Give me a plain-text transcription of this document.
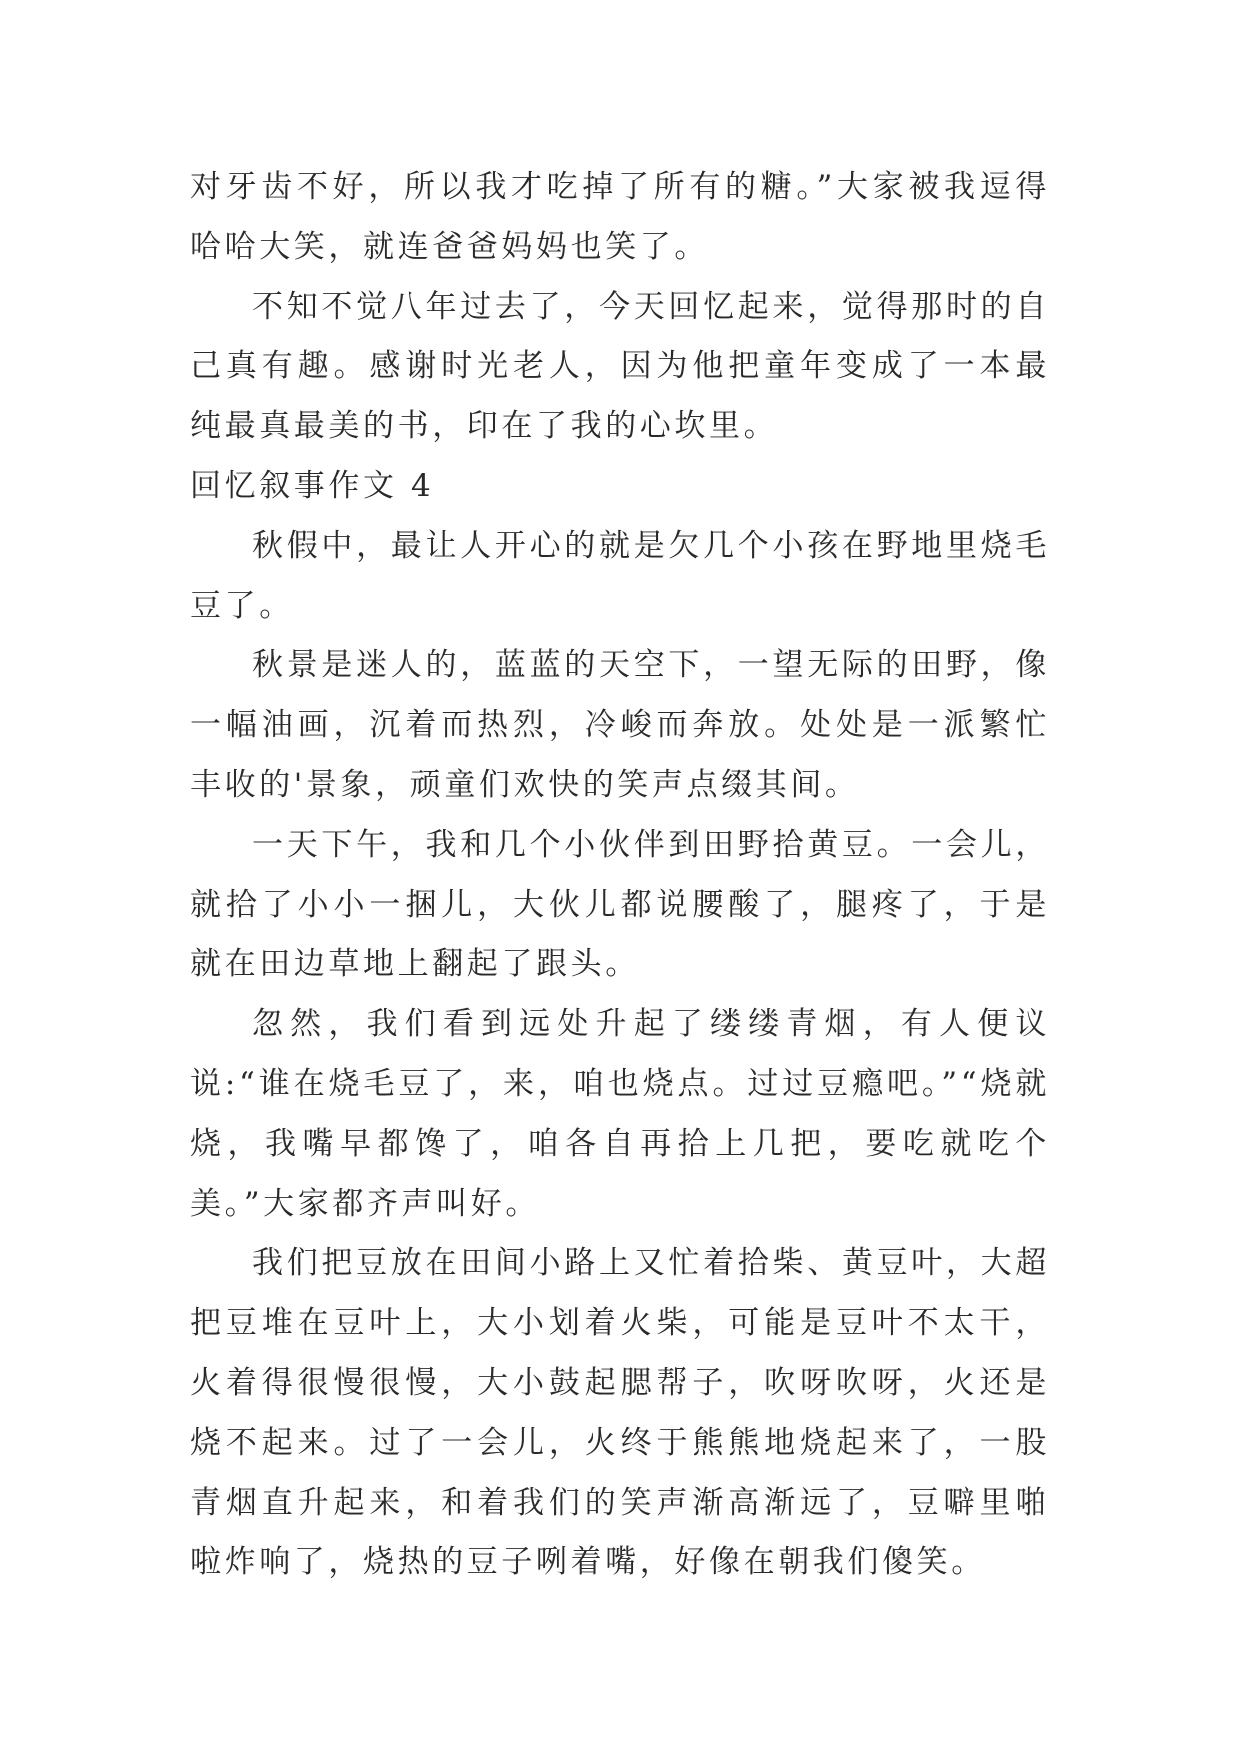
对牙齿不好，所以我才吃掉了所有的糖。”大家被我逗得哈哈大笑，就连爸爸妈妈也笑了。

不知不觉八年过去了，今天回忆起来，觉得那时的自己真有趣。感谢时光老人，因为他把童年变成了一本最纯最真最美的书，印在了我的心坎里。

回忆叙事作文 4

秋假中，最让人开心的就是欠几个小孩在野地里烧毛豆了。

秋景是迷人的，蓝蓝的天空下，一望无际的田野，像一幅油画，沉着而热烈，冷峻而奔放。处处是一派繁忙丰收的'景象，顽童们欢快的笑声点缀其间。

一天下午，我和几个小伙伴到田野拾黄豆。一会儿，就拾了小小一捆儿，大伙儿都说腰酸了，腿疼了，于是就在田边草地上翻起了跟头。

忽然，我们看到远处升起了缕缕青烟，有人便议说:“谁在烧毛豆了，来，咱也烧点。过过豆瘾吧。”“烧就烧，我嘴早都馋了，咱各自再拾上几把，要吃就吃个美。”大家都齐声叫好。

我们把豆放在田间小路上又忙着拾柴、黄豆叶，大超把豆堆在豆叶上，大小划着火柴，可能是豆叶不太干，火着得很慢很慢，大小鼓起腮帮子，吹呀吹呀，火还是烧不起来。过了一会儿，火终于熊熊地烧起来了，一股青烟直升起来，和着我们的笑声渐高渐远了，豆噼里啪啦炸响了，烧热的豆子咧着嘴，好像在朝我们傻笑。
